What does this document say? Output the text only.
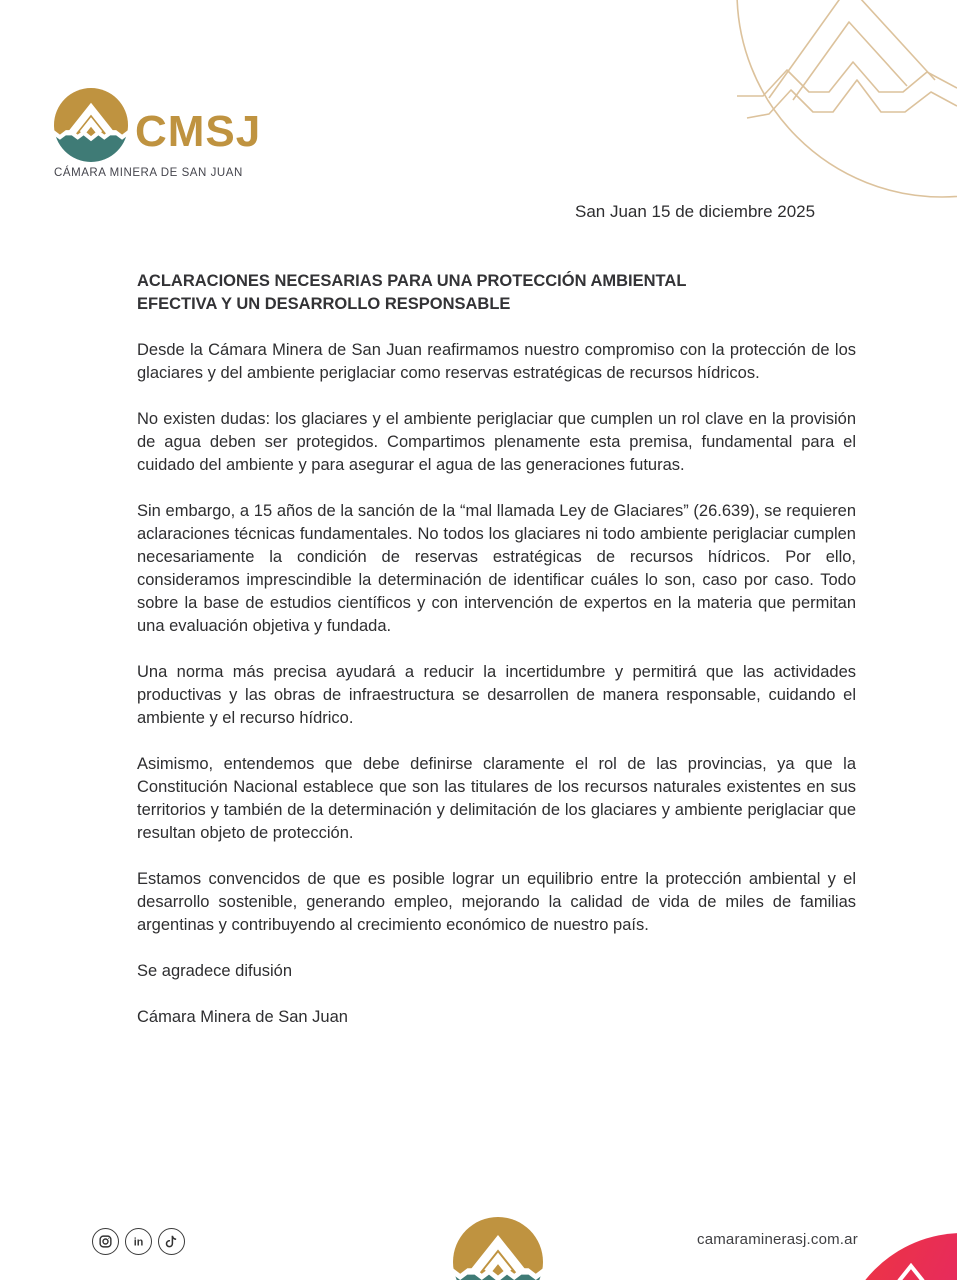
CMSJ
CÁMARA MINERA DE SAN JUAN
San Juan 15 de diciembre 2025
ACLARACIONES NECESARIAS PARA UNA PROTECCIÓN AMBIENTAL
EFECTIVA Y UN DESARROLLO RESPONSABLE

Desde la Cámara Minera de San Juan reafirmamos nuestro compromiso con la protección de los glaciares y del ambiente periglaciar como reservas estratégicas de recursos hídricos.

No existen dudas: los glaciares y el ambiente periglaciar que cumplen un rol clave en la provisión de agua deben ser protegidos. Compartimos plenamente esta premisa, fundamental para el cuidado del ambiente y para asegurar el agua de las generaciones futuras.

Sin embargo, a 15 años de la sanción de la “mal llamada Ley de Glaciares” (26.639), se requieren aclaraciones técnicas fundamentales. No todos los glaciares ni todo ambiente periglaciar cumplen necesariamente la condición de reservas estratégicas de recursos hídricos. Por ello, consideramos imprescindible la determinación de identificar cuáles lo son, caso por caso. Todo sobre la base de estudios científicos y con intervención de expertos en la materia que permitan una evaluación objetiva y fundada.

Una norma más precisa ayudará a reducir la incertidumbre y permitirá que las actividades productivas y las obras de infraestructura se desarrollen de manera responsable, cuidando el ambiente y el recurso hídrico.

Asimismo, entendemos que debe definirse claramente el rol de las provincias, ya que la Constitución Nacional establece que son las titulares de los recursos naturales existentes en sus territorios y también de la determinación y delimitación de los glaciares y ambiente periglaciar que resultan objeto de protección.

Estamos convencidos de que es posible lograr un equilibrio entre la protección ambiental y el desarrollo sostenible, generando empleo, mejorando la calidad de vida de miles de familias argentinas y contribuyendo al crecimiento económico de nuestro país.

Se agradece difusión

Cámara Minera de San Juan

in	camaraminerasj.com.ar
